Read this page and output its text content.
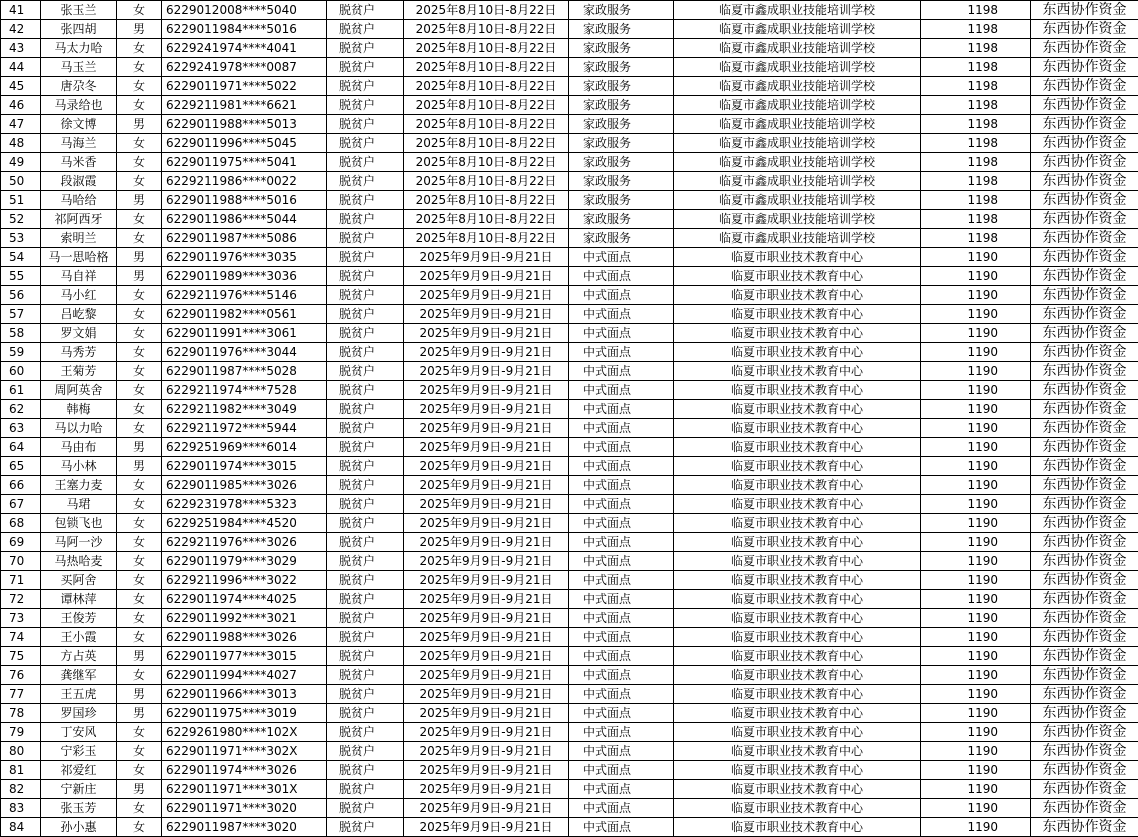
41	张玉兰	女	6229012008****5040	脱贫户	2025年8月10日-8月22日	家政服务	临夏市鑫成职业技能培训学校	1198	东西协作资金
42	张四胡	男	6229011984****5016	脱贫户	2025年8月10日-8月22日	家政服务	临夏市鑫成职业技能培训学校	1198	东西协作资金
43	马太力哈	女	6229241974****4041	脱贫户	2025年8月10日-8月22日	家政服务	临夏市鑫成职业技能培训学校	1198	东西协作资金
44	马玉兰	女	6229241978****0087	脱贫户	2025年8月10日-8月22日	家政服务	临夏市鑫成职业技能培训学校	1198	东西协作资金
45	唐尕冬	女	6229011971****5022	脱贫户	2025年8月10日-8月22日	家政服务	临夏市鑫成职业技能培训学校	1198	东西协作资金
46	马录给也	女	6229211981****6621	脱贫户	2025年8月10日-8月22日	家政服务	临夏市鑫成职业技能培训学校	1198	东西协作资金
47	徐文博	男	6229011988****5013	脱贫户	2025年8月10日-8月22日	家政服务	临夏市鑫成职业技能培训学校	1198	东西协作资金
48	马海兰	女	6229011996****5045	脱贫户	2025年8月10日-8月22日	家政服务	临夏市鑫成职业技能培训学校	1198	东西协作资金
49	马米香	女	6229011975****5041	脱贫户	2025年8月10日-8月22日	家政服务	临夏市鑫成职业技能培训学校	1198	东西协作资金
50	段淑霞	女	6229211986****0022	脱贫户	2025年8月10日-8月22日	家政服务	临夏市鑫成职业技能培训学校	1198	东西协作资金
51	马哈给	男	6229011988****5016	脱贫户	2025年8月10日-8月22日	家政服务	临夏市鑫成职业技能培训学校	1198	东西协作资金
52	祁阿西牙	女	6229011986****5044	脱贫户	2025年8月10日-8月22日	家政服务	临夏市鑫成职业技能培训学校	1198	东西协作资金
53	索明兰	女	6229011987****5086	脱贫户	2025年8月10日-8月22日	家政服务	临夏市鑫成职业技能培训学校	1198	东西协作资金
54	马一思哈格	男	6229011976****3035	脱贫户	2025年9月9日-9月21日	中式面点	临夏市职业技术教育中心	1190	东西协作资金
55	马自祥	男	6229011989****3036	脱贫户	2025年9月9日-9月21日	中式面点	临夏市职业技术教育中心	1190	东西协作资金
56	马小红	女	6229211976****5146	脱贫户	2025年9月9日-9月21日	中式面点	临夏市职业技术教育中心	1190	东西协作资金
57	吕屹黎	女	6229011982****0561	脱贫户	2025年9月9日-9月21日	中式面点	临夏市职业技术教育中心	1190	东西协作资金
58	罗文娟	女	6229011991****3061	脱贫户	2025年9月9日-9月21日	中式面点	临夏市职业技术教育中心	1190	东西协作资金
59	马秀芳	女	6229011976****3044	脱贫户	2025年9月9日-9月21日	中式面点	临夏市职业技术教育中心	1190	东西协作资金
60	王菊芳	女	6229011987****5028	脱贫户	2025年9月9日-9月21日	中式面点	临夏市职业技术教育中心	1190	东西协作资金
61	周阿英舍	女	6229211974****7528	脱贫户	2025年9月9日-9月21日	中式面点	临夏市职业技术教育中心	1190	东西协作资金
62	韩梅	女	6229211982****3049	脱贫户	2025年9月9日-9月21日	中式面点	临夏市职业技术教育中心	1190	东西协作资金
63	马以力哈	女	6229211972****5944	脱贫户	2025年9月9日-9月21日	中式面点	临夏市职业技术教育中心	1190	东西协作资金
64	马由布	男	6229251969****6014	脱贫户	2025年9月9日-9月21日	中式面点	临夏市职业技术教育中心	1190	东西协作资金
65	马小林	男	6229011974****3015	脱贫户	2025年9月9日-9月21日	中式面点	临夏市职业技术教育中心	1190	东西协作资金
66	王塞力麦	女	6229011985****3026	脱贫户	2025年9月9日-9月21日	中式面点	临夏市职业技术教育中心	1190	东西协作资金
67	马珺	女	6229231978****5323	脱贫户	2025年9月9日-9月21日	中式面点	临夏市职业技术教育中心	1190	东西协作资金
68	包锁飞也	女	6229251984****4520	脱贫户	2025年9月9日-9月21日	中式面点	临夏市职业技术教育中心	1190	东西协作资金
69	马阿一沙	女	6229211976****3026	脱贫户	2025年9月9日-9月21日	中式面点	临夏市职业技术教育中心	1190	东西协作资金
70	马热哈麦	女	6229011979****3029	脱贫户	2025年9月9日-9月21日	中式面点	临夏市职业技术教育中心	1190	东西协作资金
71	买阿舍	女	6229211996****3022	脱贫户	2025年9月9日-9月21日	中式面点	临夏市职业技术教育中心	1190	东西协作资金
72	谭林萍	女	6229011974****4025	脱贫户	2025年9月9日-9月21日	中式面点	临夏市职业技术教育中心	1190	东西协作资金
73	王俊芳	女	6229011992****3021	脱贫户	2025年9月9日-9月21日	中式面点	临夏市职业技术教育中心	1190	东西协作资金
74	王小霞	女	6229011988****3026	脱贫户	2025年9月9日-9月21日	中式面点	临夏市职业技术教育中心	1190	东西协作资金
75	方占英	男	6229011977****3015	脱贫户	2025年9月9日-9月21日	中式面点	临夏市职业技术教育中心	1190	东西协作资金
76	龚继军	女	6229011994****4027	脱贫户	2025年9月9日-9月21日	中式面点	临夏市职业技术教育中心	1190	东西协作资金
77	王五虎	男	6229011966****3013	脱贫户	2025年9月9日-9月21日	中式面点	临夏市职业技术教育中心	1190	东西协作资金
78	罗国珍	男	6229011975****3019	脱贫户	2025年9月9日-9月21日	中式面点	临夏市职业技术教育中心	1190	东西协作资金
79	丁安风	女	6229261980****102X	脱贫户	2025年9月9日-9月21日	中式面点	临夏市职业技术教育中心	1190	东西协作资金
80	宁彩玉	女	6229011971****302X	脱贫户	2025年9月9日-9月21日	中式面点	临夏市职业技术教育中心	1190	东西协作资金
81	祁爱红	女	6229011974****3026	脱贫户	2025年9月9日-9月21日	中式面点	临夏市职业技术教育中心	1190	东西协作资金
82	宁新庄	男	6229011971****301X	脱贫户	2025年9月9日-9月21日	中式面点	临夏市职业技术教育中心	1190	东西协作资金
83	张玉芳	女	6229011971****3020	脱贫户	2025年9月9日-9月21日	中式面点	临夏市职业技术教育中心	1190	东西协作资金
84	孙小惠	女	6229011987****3020	脱贫户	2025年9月9日-9月21日	中式面点	临夏市职业技术教育中心	1190	东西协作资金
